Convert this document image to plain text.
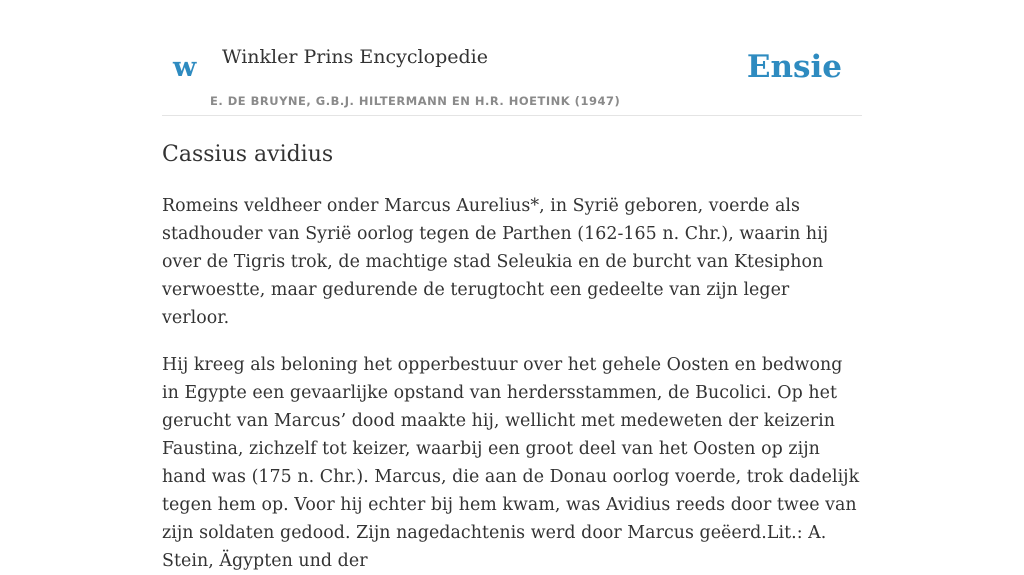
w Winkler Prins Encyclopedie
E. DE BRUYNE, G.B.J. HILTERMANN EN H.R. HOETINK (1947)
Ensie
Cassius avidius

Romeins veldheer onder Marcus Aurelius*, in Syrië geboren, voerde als stadhouder van Syrië oorlog tegen de Parthen (162-165 n. Chr.), waarin hij over de Tigris trok, de machtige stad Seleukia en de burcht van Ktesiphon verwoestte, maar gedurende de terugtocht een gedeelte van zijn leger verloor.

Hij kreeg als beloning het opperbestuur over het gehele Oosten en bedwong in Egypte een gevaarlijke opstand van herdersstammen, de Bucolici. Op het gerucht van Marcus’ dood maakte hij, wellicht met medeweten der keizerin Faustina, zichzelf tot keizer, waarbij een groot deel van het Oosten op zijn hand was (175 n. Chr.). Marcus, die aan de Donau oorlog voerde, trok dadelijk tegen hem op. Voor hij echter bij hem kwam, was Avidius reeds door twee van zijn soldaten gedood. Zijn nagedachtenis werd door Marcus geëerd.Lit.: A. Stein, Ägypten und der
